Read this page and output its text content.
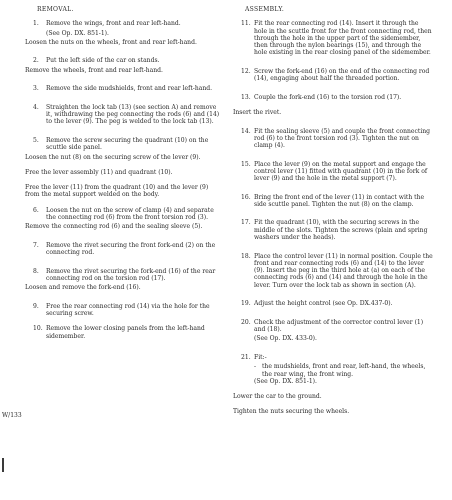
REMOVAL.
1.	Remove the wings, front and rear left-hand.
(See Op. DX. 851-1).
Loosen the nuts on the wheels, front and rear left-hand.
2.	Put the left side of the car on stands.
Remove the wheels, front and rear left-hand.
3.	Remove the side mudshields, front and rear left-hand.
4.	Straighten the lock tab (13) (see section A) and remove it, withdrawing the peg connecting the rods (6) and (14) to the lever (9). The peg is welded to the lock tab (13).
5.	Remove the screw securing the quadrant (10) on the scuttle side panel.
Loosen the nut (8) on the securing screw of the lever (9).
Free the lever assembly (11) and quadrant (10).
Free the lever (11) from the quadrant (10) and the lever (9) from the metal support welded on the body.
6.	Loosen the nut on the screw of clamp (4) and separate the connecting rod (6) from the front torsion rod (3).
Remove the connecting rod (6) and the sealing sleeve (5).
7.	Remove the rivet securing the front fork-end (2) on the connecting rod.
8.	Remove the rivet securing the fork-end (16) of the rear connecting rod on the torsion rod (17).
Loosen and remove the fork-end (16).
9.	Free the rear connecting rod (14) via the hole for the securing screw.
10. Remove the lower closing panels from the left-hand sidemember.
ASSEMBLY.
11. Fit the rear connecting rod (14). Insert it through the hole in the scuttle front for the front connecting rod, then through the hole in the upper part of the sidemember, then through the nylon bearings (15), and through the hole existing in the rear closing panel of the sidemember.
12. Screw the fork-end (16) on the end of the connecting rod (14), engaging about half the threaded portion.
13. Couple the fork-end (16) to the torsion rod (17).
Insert the rivet.
14. Fit the sealing sleeve (5) and couple the front connecting rod (6) to the front torsion rod (3). Tighten the nut on clamp (4).
15. Place the lever (9) on the metal support and engage the control lever (11) fitted with quadrant (10) in the fork of lever (9) and the hole in the metal support (7).
16. Bring the front end of the lever (11) in contact with the side scuttle panel. Tighten the nut (8) on the clamp.
17. Fit the quadrant (10), with the securing screws in the middle of the slots. Tighten the screws (plain and spring washers under the heads).
18. Place the control lever (11) in normal position. Couple the front and rear connecting rods (6) and (14) to the lever (9). Insert the peg in the third hole at (a) on each of the connecting rods (6) and (14) and through the hole in the lever. Turn over the lock tab as shown in section (A).
19. Adjust the height control (see Op. DX.437-0).
20. Check the adjustment of the corrector control lever (1) and (18).
(See Op. DX. 433-0).
21. Fit:-
- the mudshields, front and rear, left-hand, the wheels, the rear wing, the front wing.
(See Op. DX. 851-1).
Lower the car to the ground.
Tighten the nuts securing the wheels.
W/133
